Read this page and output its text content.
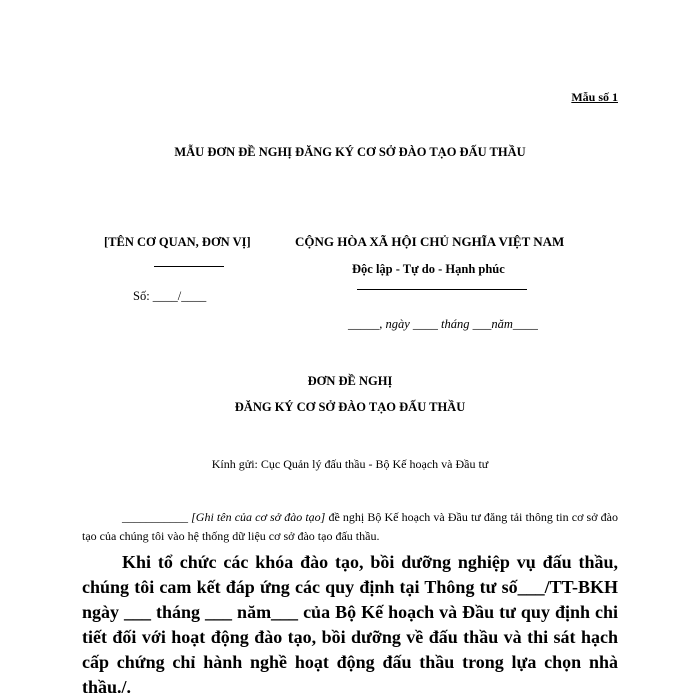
Mẫu số 1
MẪU ĐƠN ĐỀ NGHỊ ĐĂNG KÝ CƠ SỞ ĐÀO TẠO ĐẤU THẦU
[TÊN CƠ QUAN, ĐƠN VỊ]
Số: ____/____
CỘNG HÒA XÃ HỘI CHỦ NGHĨA VIỆT NAM
Độc lập - Tự do - Hạnh phúc
_____, ngày ____ tháng ___năm____
ĐƠN ĐỀ NGHỊ
ĐĂNG KÝ CƠ SỞ ĐÀO TẠO ĐẤU THẦU
Kính gửi: Cục Quản lý đấu thầu - Bộ Kế hoạch và Đầu tư
___________ [Ghi tên của cơ sở đào tạo] đề nghị Bộ Kế hoạch và Đầu tư đăng tải thông tin cơ sở đào tạo của chúng tôi vào hệ thống dữ liệu cơ sở đào tạo đấu thầu.
Khi tổ chức các khóa đào tạo, bồi dưỡng nghiệp vụ đấu thầu, chúng tôi cam kết đáp ứng các quy định tại Thông tư số___/TT-BKH ngày ___ tháng ___ năm___ của Bộ Kế hoạch và Đầu tư quy định chi tiết đối với hoạt động đào tạo, bồi dưỡng về đấu thầu và thi sát hạch cấp chứng chỉ hành nghề hoạt động đấu thầu trong lựa chọn nhà thầu./.
